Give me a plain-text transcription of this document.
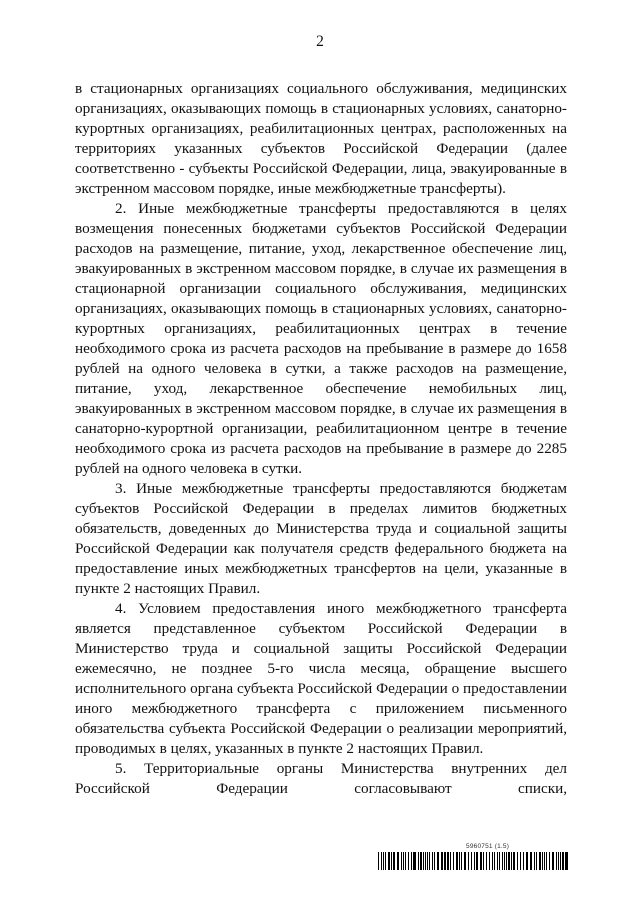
2

в стационарных организациях социального обслуживания, медицинских организациях, оказывающих помощь в стационарных условиях, санаторно-курортных организациях, реабилитационных центрах, расположенных на территориях указанных субъектов Российской Федерации (далее соответственно - субъекты Российской Федерации, лица, эвакуированные в экстренном массовом порядке, иные межбюджетные трансферты).

2. Иные межбюджетные трансферты предоставляются в целях возмещения понесенных бюджетами субъектов Российской Федерации расходов на размещение, питание, уход, лекарственное обеспечение лиц, эвакуированных в экстренном массовом порядке, в случае их размещения в стационарной организации социального обслуживания, медицинских организациях, оказывающих помощь в стационарных условиях, санаторно-курортных организациях, реабилитационных центрах в течение необходимого срока из расчета расходов на пребывание в размере до 1658 рублей на одного человека в сутки, а также расходов на размещение, питание, уход, лекарственное обеспечение немобильных лиц, эвакуированных в экстренном массовом порядке, в случае их размещения в санаторно-курортной организации, реабилитационном центре в течение необходимого срока из расчета расходов на пребывание в размере до 2285 рублей на одного человека в сутки.

3. Иные межбюджетные трансферты предоставляются бюджетам субъектов Российской Федерации в пределах лимитов бюджетных обязательств, доведенных до Министерства труда и социальной защиты Российской Федерации как получателя средств федерального бюджета на предоставление иных межбюджетных трансфертов на цели, указанные в пункте 2 настоящих Правил.

4. Условием предоставления иного межбюджетного трансферта является представленное субъектом Российской Федерации в Министерство труда и социальной защиты Российской Федерации ежемесячно, не позднее 5-го числа месяца, обращение высшего исполнительного органа субъекта Российской Федерации о предоставлении иного межбюджетного трансферта с приложением письменного обязательства субъекта Российской Федерации о реализации мероприятий, проводимых в целях, указанных в пункте 2 настоящих Правил.

5. Территориальные органы Министерства внутренних дел Российской Федерации согласовывают списки,

5960751 (1.5)
